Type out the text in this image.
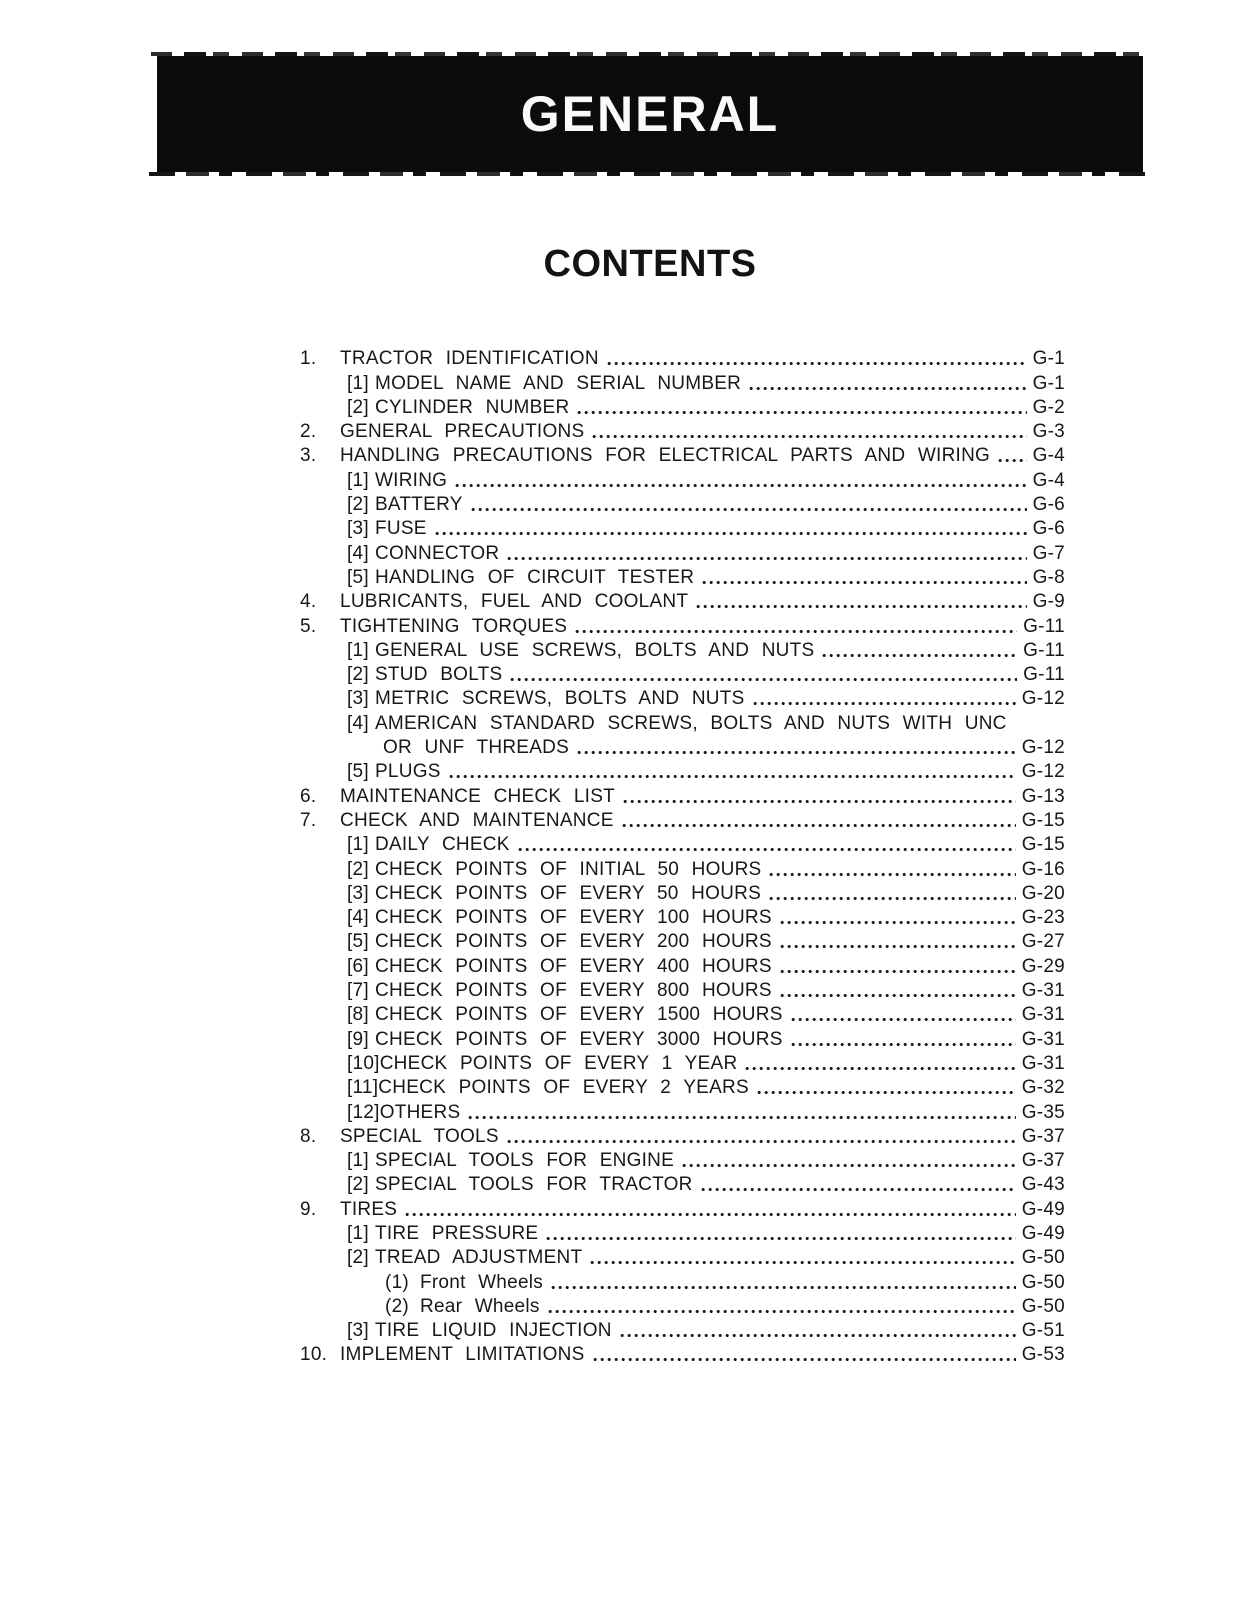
GENERAL
CONTENTS
1.	TRACTOR IDENTIFICATION	G-1
[1] MODEL NAME AND SERIAL NUMBER	G-1
[2] CYLINDER NUMBER	G-2
2.	GENERAL PRECAUTIONS	G-3
3.	HANDLING PRECAUTIONS FOR ELECTRICAL PARTS AND WIRING G-4
[1] WIRING	G-4
[2] BATTERY	G-6
[3] FUSE	G-6
[4] CONNECTOR	G-7
[5] HANDLING OF CIRCUIT TESTER	G-8
4.	LUBRICANTS, FUEL AND COOLANT	G-9
5.	TIGHTENING TORQUES	G-11
[1] GENERAL USE SCREWS, BOLTS AND NUTS	G-11
[2] STUD BOLTS	G-11
[3] METRIC SCREWS, BOLTS AND NUTS	G-12
[4] AMERICAN STANDARD SCREWS, BOLTS AND NUTS WITH UNC
OR UNF THREADS	G-12
[5] PLUGS	G-12
6.	MAINTENANCE CHECK LIST	G-13
7.	CHECK AND MAINTENANCE	G-15
[1] DAILY CHECK	G-15
[2] CHECK POINTS OF INITIAL 50 HOURS	G-16
[3] CHECK POINTS OF EVERY 50 HOURS	G-20
[4] CHECK POINTS OF EVERY 100 HOURS	G-23
[5] CHECK POINTS OF EVERY 200 HOURS	G-27
[6] CHECK POINTS OF EVERY 400 HOURS	G-29
[7] CHECK POINTS OF EVERY 800 HOURS	G-31
[8] CHECK POINTS OF EVERY 1500 HOURS	G-31
[9] CHECK POINTS OF EVERY 3000 HOURS	G-31
[10] CHECK POINTS OF EVERY 1 YEAR	G-31
[11] CHECK POINTS OF EVERY 2 YEARS	G-32
[12] OTHERS	G-35
8.	SPECIAL TOOLS	G-37
[1] SPECIAL TOOLS FOR ENGINE	G-37
[2] SPECIAL TOOLS FOR TRACTOR	G-43
9.	TIRES	G-49
[1] TIRE PRESSURE	G-49
[2] TREAD ADJUSTMENT	G-50
(1) Front Wheels	G-50
(2) Rear Wheels	G-50
[3] TIRE LIQUID INJECTION	G-51
10. IMPLEMENT LIMITATIONS	G-53
